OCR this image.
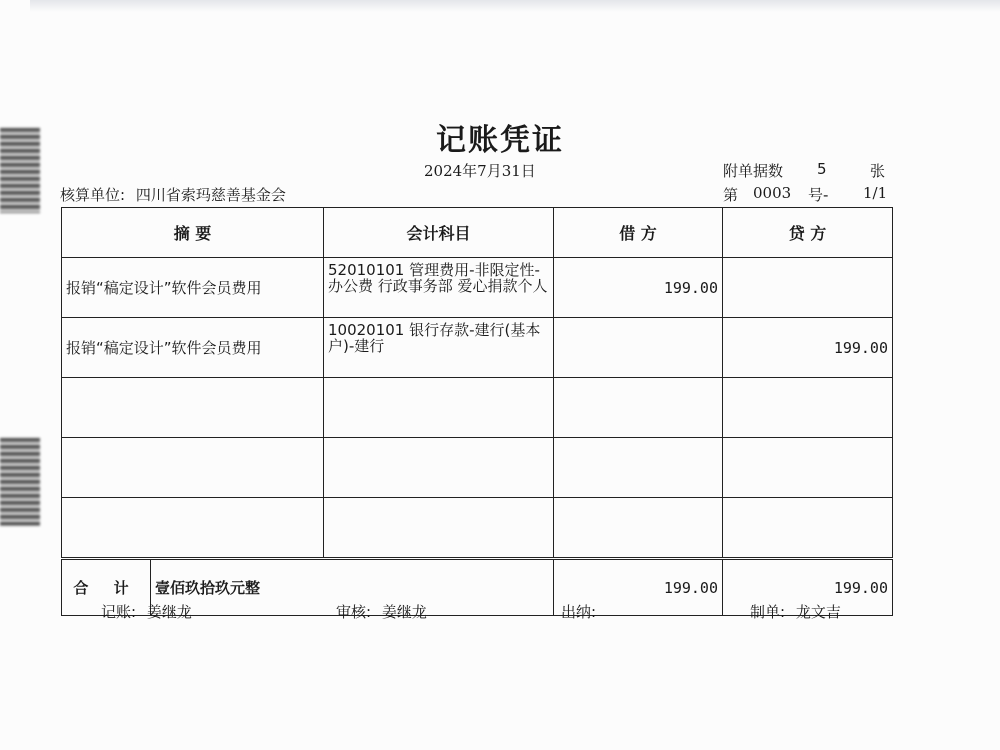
记账凭证
2024年7月31日	附单据数 5	张
核算单位: 四川省索玛慈善基金会	第 0003 号- 1/1
摘 要	会计科目	借 方	贷 方
报销“稿定设计”软件会员费用	52010101 管理费用-非限定性-办公费 行政事务部 爱心捐款个人	199.00	
报销“稿定设计”软件会员费用	10020101 银行存款-建行(基本户)-建行		199.00

合 计 壹佰玖拾玖元整		199.00	199.00
记账: 姜继龙	审核: 姜继龙	出纳:	制单: 龙文吉
